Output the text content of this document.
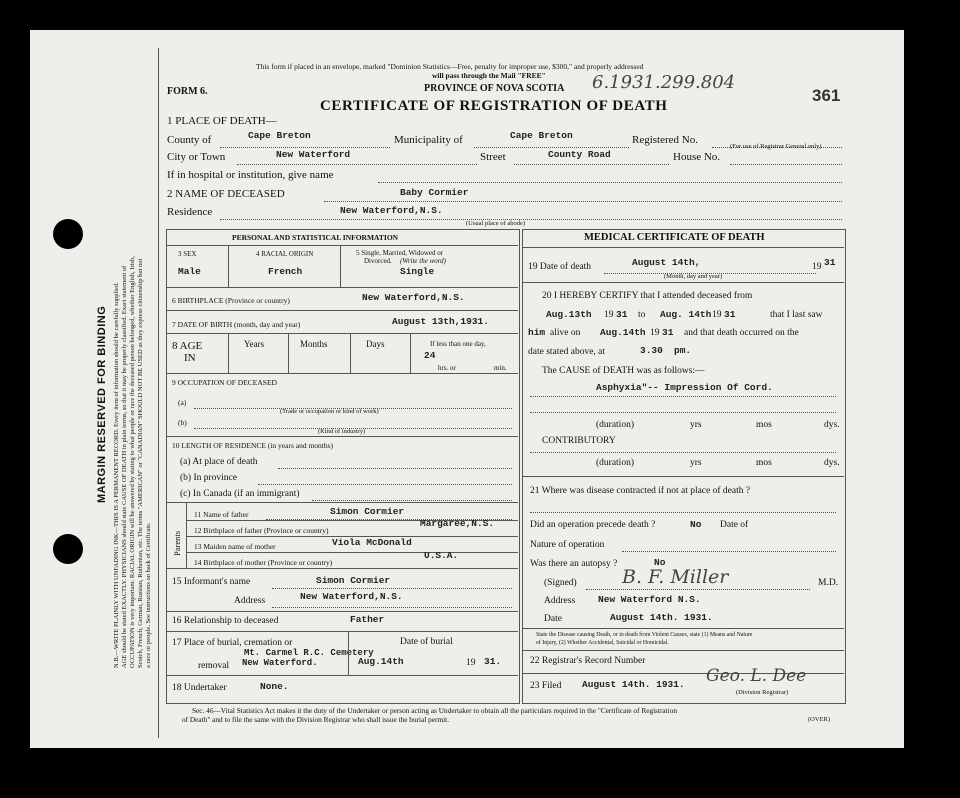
MARGIN RESERVED FOR BINDING N.B.—WRITE PLAINLY WITH UNFADING INK—THIS IS A PERMANENT RECORD. Every item of information should be carefully supplied. AGE should be stated EXACTLY. PHYSICIANS should state CAUSE OF DEATH in plain terms, so that it may be properly classified. Exact statement of OCCUPATION is very important. RACIAL ORIGIN will be answered by stating to what people or race the deceased person belonged, whether English, Irish, Scotch, French, German, Russian, Ruthenian, etc. The terms "AMERICAN" or "CANADIAN" SHOULD NOT BE USED as they express citizenship but not a race or people. See instructions on back of Certificate.
This form if placed in an envelope, marked "Dominion Statistics—Free, penalty for improper use, $300," and properly addressed
will pass through the Mail "FREE"
PROVINCE OF NOVA SCOTIA 6.1931.299.804
361
FORM 6.
CERTIFICATE OF REGISTRATION OF DEATH
1 PLACE OF DEATH—
County of	Cape Breton	Municipality of	Cape Breton	Registered No.
(For use of Registrar General only)
City or Town	New Waterford	Street	County Road	House No.
If in hospital or institution, give name
2 NAME OF DECEASED	Baby Cormier
Residence	New Waterford,N.S.
(Usual place of abode)
PERSONAL AND STATISTICAL INFORMATION
3 SEX
Male
4 RACIAL ORIGIN
French
5 Single, Married, Widowed or
Divorced. (Write the word)
Single
6 BIRTHPLACE (Province or country)	New Waterford,N.S.
7 DATE OF BIRTH (month, day and year)	August 13th,1931.
8 AGE
IN
Years	Months	Days	If less than one day,
24
hrs. or	min.
9 OCCUPATION OF DECEASED
(a)
(Trade or occupation or kind of work)
(b)
(Kind of industry)
10 LENGTH OF RESIDENCE (in years and months)
(a) At place of death
(b) In province
(c) In Canada (if an immigrant)
Parents
11 Name of father	Simon Cormier
12 Birthplace of father (Province or country)
Margaree,N.S.
13 Maiden name of mother	Viola McDonald
14 Birthplace of mother (Province or country)
U.S.A.
15 Informant's name	Simon Cormier
Address	New Waterford,N.S.
16 Relationship to deceased	Father
17 Place of burial, cremation or
removal
Mt. Carmel R.C. Cemetery
New Waterford.
Date of burial
Aug.14th	19 31.
18 Undertaker	None.
MEDICAL CERTIFICATE OF DEATH
19 Date of death	August 14th,	19 31
(Month, day and year)
20 I HEREBY CERTIFY that I attended deceased from
Aug.13th 19 31 to Aug. 14th 19 31	that I last saw
him alive on Aug.14th 19 31 and that death occurred on the
date stated above, at	3.30 pm.
The CAUSE of DEATH was as follows:—
Asphyxia"-- Impression Of Cord.
(duration)	yrs	mos	dys.
CONTRIBUTORY
(duration)	yrs	mos	dys.
21 Where was disease contracted if not at place of death ?
Did an operation precede death ?	No Date of
Nature of operation
Was there an autopsy ?	No
(Signed) B. F. Miller	M.D.
Address New Waterford N.S.
Date	August 14th. 1931.
State the Disease causing Death, or in death from Violent Causes, state (1) Means and Nature
of Injury, (2) Whether Accidental, Suicidal or Homicidal.
22 Registrar's Record Number
23 Filed August 14th. 1931. Geo. L. Dee
(Division Registrar)
Sec. 46—Vital Statistics Act makes it the duty of the Undertaker or person acting as Undertaker to obtain all the particulars required in the "Certificate of Registration
of Death" and to file the same with the Division Registrar who shall issue the burial permit.	(OVER)
